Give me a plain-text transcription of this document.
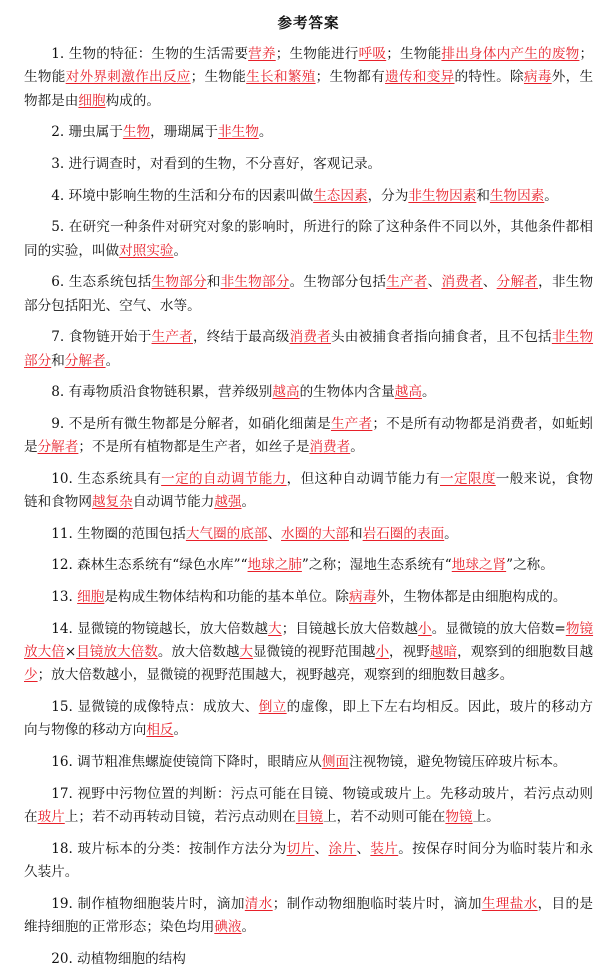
参考答案

1. 生物的特征：生物的生活需要营养；生物能进行呼吸；生物能排出身体内产生的废物；生物能对外界刺激作出反应；生物能生长和繁殖；生物都有遗传和变异的特性。除病毒外，生物都是由细胞构成的。

2. 珊虫属于生物，珊瑚属于非生物。

3. 进行调查时，对看到的生物，不分喜好，客观记录。

4. 环境中影响生物的生活和分布的因素叫做生态因素，分为非生物因素和生物因素。

5. 在研究一种条件对研究对象的影响时，所进行的除了这种条件不同以外，其他条件都相同的实验，叫做对照实验。

6. 生态系统包括生物部分和非生物部分。生物部分包括生产者、消费者、分解者，非生物部分包括阳光、空气、水等。

7. 食物链开始于生产者，终结于最高级消费者头由被捕食者指向捕食者，且不包括非生物部分和分解者。

8. 有毒物质沿食物链积累，营养级别越高的生物体内含量越高。

9. 不是所有微生物都是分解者，如硝化细菌是生产者；不是所有动物都是消费者，如蚯蚓是分解者；不是所有植物都是生产者，如丝子是消费者。

10. 生态系统具有一定的自动调节能力，但这种自动调节能力有一定限度一般来说，食物链和食物网越复杂自动调节能力越强。

11. 生物圈的范围包括大气圈的底部、水圈的大部和岩石圈的表面。

12. 森林生态系统有“绿色水库”“地球之肺”之称；湿地生态系统有“地球之肾”之称。

13. 细胞是构成生物体结构和功能的基本单位。除病毒外，生物体都是由细胞构成的。

14. 显微镜的物镜越长，放大倍数越大；目镜越长放大倍数越小。显微镜的放大倍数=物镜放大倍×目镜放大倍数。放大倍数越大显微镜的视野范围越小，视野越暗，观察到的细胞数目越少；放大倍数越小，显微镜的视野范围越大，视野越亮，观察到的细胞数目越多。

15. 显微镜的成像特点：成放大、倒立的虚像，即上下左右均相反。因此，玻片的移动方向与物像的移动方向相反。

16. 调节粗准焦螺旋使镜筒下降时，眼睛应从侧面注视物镜，避免物镜压碎玻片标本。

17. 视野中污物位置的判断：污点可能在目镜、物镜或玻片上。先移动玻片，若污点动则在玻片上；若不动再转动目镜，若污点动则在目镜上，若不动则可能在物镜上。

18. 玻片标本的分类：按制作方法分为切片、涂片、装片。按保存时间分为临时装片和永久装片。

19. 制作植物细胞装片时，滴加清水；制作动物细胞临时装片时，滴加生理盐水，目的是维持细胞的正常形态；染色均用碘液。

20. 动植物细胞的结构
